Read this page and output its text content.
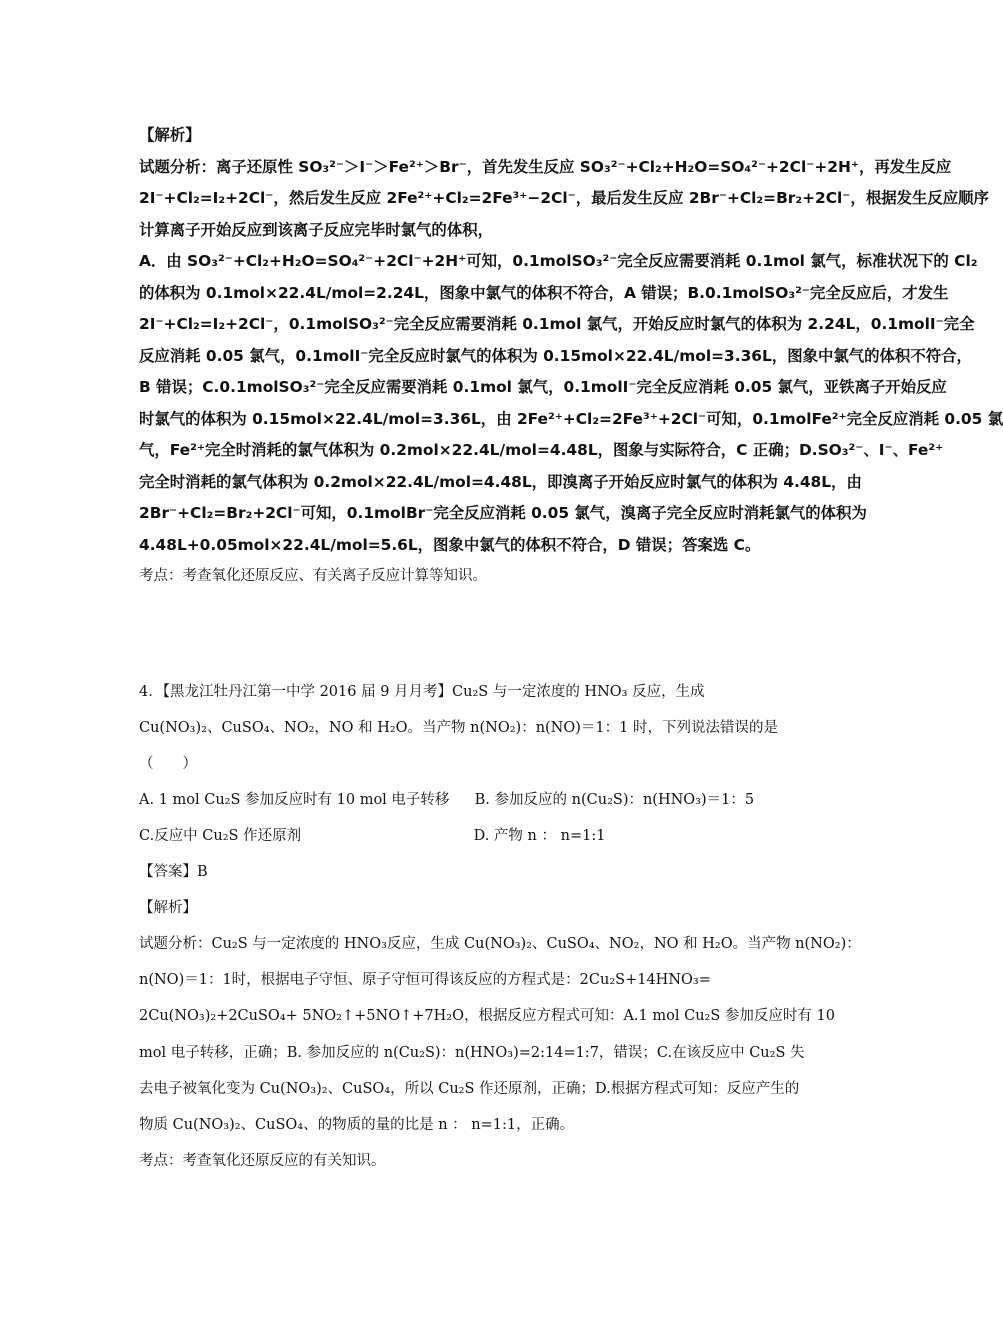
【解析】
试题分析：离子还原性 SO₃²⁻＞I⁻＞Fe²⁺＞Br⁻，首先发生反应 SO₃²⁻+Cl₂+H₂O=SO₄²⁻+2Cl⁻+2H⁺，再发生反应
2I⁻+Cl₂=I₂+2Cl⁻，然后发生反应 2Fe²⁺+Cl₂=2Fe³⁺−2Cl⁻，最后发生反应 2Br⁻+Cl₂=Br₂+2Cl⁻，根据发生反应顺序
计算离子开始反应到该离子反应完毕时氯气的体积，
A．由 SO₃²⁻+Cl₂+H₂O=SO₄²⁻+2Cl⁻+2H⁺可知，0.1molSO₃²⁻完全反应需要消耗 0.1mol 氯气，标准状况下的 Cl₂
的体积为 0.1mol×22.4L/mol=2.24L，图象中氯气的体积不符合，A 错误；B.0.1molSO₃²⁻完全反应后，才发生
2I⁻+Cl₂=I₂+2Cl⁻，0.1molSO₃²⁻完全反应需要消耗 0.1mol 氯气，开始反应时氯气的体积为 2.24L，0.1molI⁻完全
反应消耗 0.05 氯气，0.1molI⁻完全反应时氯气的体积为 0.15mol×22.4L/mol=3.36L，图象中氯气的体积不符合，
B 错误；C.0.1molSO₃²⁻完全反应需要消耗 0.1mol 氯气，0.1molI⁻完全反应消耗 0.05 氯气，亚铁离子开始反应
时氯气的体积为 0.15mol×22.4L/mol=3.36L，由 2Fe²⁺+Cl₂=2Fe³⁺+2Cl⁻可知，0.1molFe²⁺完全反应消耗 0.05 氯
气，Fe²⁺完全时消耗的氯气体积为 0.2mol×22.4L/mol=4.48L，图象与实际符合，C 正确；D.SO₃²⁻、I⁻、Fe²⁺
完全时消耗的氯气体积为 0.2mol×22.4L/mol=4.48L，即溴离子开始反应时氯气的体积为 4.48L，由
2Br⁻+Cl₂=Br₂+2Cl⁻可知，0.1molBr⁻完全反应消耗 0.05 氯气，溴离子完全反应时消耗氯气的体积为
4.48L+0.05mol×22.4L/mol=5.6L，图象中氯气的体积不符合，D 错误；答案选 C。
考点：考查氧化还原反应、有关离子反应计算等知识。
4．【黑龙江牡丹江第一中学 2016 届 9 月月考】Cu₂S 与一定浓度的 HNO₃ 反应，生成
Cu(NO₃)₂、CuSO₄、NO₂，NO 和 H₂O。当产物 n(NO₂)：n(NO)＝1：1 时，下列说法错误的是
（　　）
A. 1 mol Cu₂S 参加反应时有 10 mol 电子转移 B. 参加反应的 n(Cu₂S)：n(HNO₃)＝1：5
C.反应中 Cu₂S 作还原剂	D. 产物 n ： n=1:1
【答案】B
【解析】
试题分析：Cu₂S 与一定浓度的 HNO₃反应，生成 Cu(NO₃)₂、CuSO₄、NO₂，NO 和 H₂O。当产物 n(NO₂)：
n(NO)＝1：1时，根据电子守恒、原子守恒可得该反应的方程式是：2Cu₂S+14HNO₃=
2Cu(NO₃)₂+2CuSO₄+ 5NO₂↑+5NO↑+7H₂O，根据反应方程式可知：A.1 mol Cu₂S 参加反应时有 10
mol 电子转移，正确；B. 参加反应的 n(Cu₂S)：n(HNO₃)=2:14=1:7，错误；C.在该反应中 Cu₂S 失
去电子被氧化变为 Cu(NO₃)₂、CuSO₄，所以 Cu₂S 作还原剂，正确；D.根据方程式可知：反应产生的
物质 Cu(NO₃)₂、CuSO₄、的物质的量的比是 n ： n=1:1，正确。
考点：考查氧化还原反应的有关知识。
